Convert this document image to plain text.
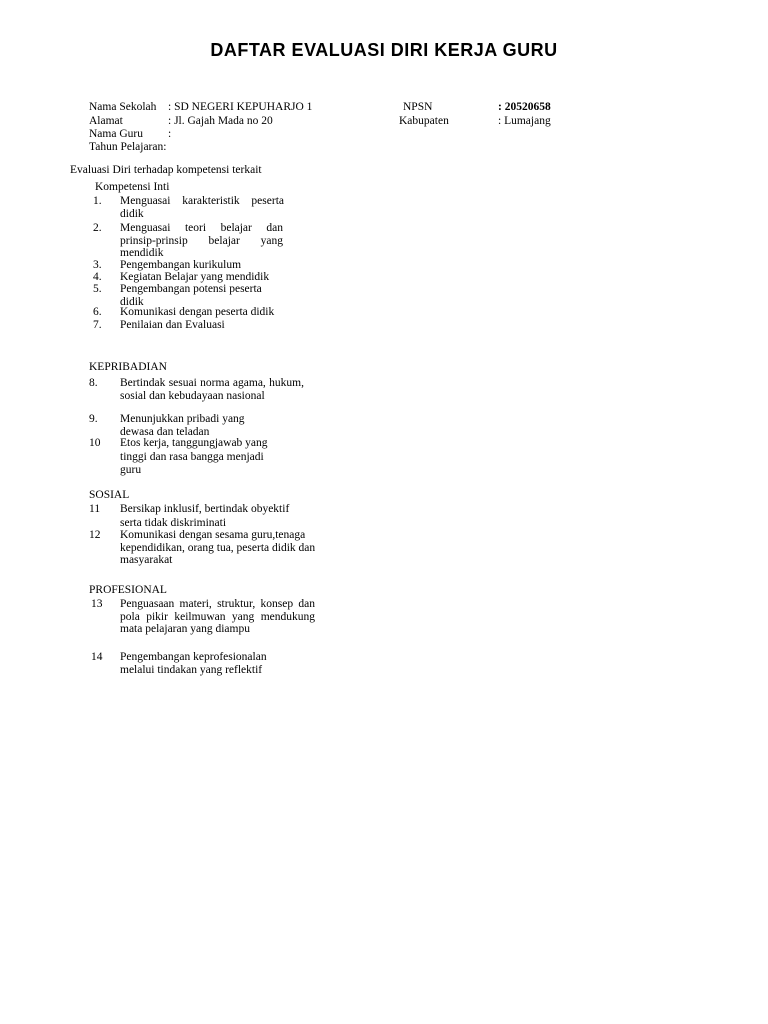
DAFTAR EVALUASI DIRI KERJA GURU
Nama Sekolah : SD NEGERI KEPUHARJO 1	NPSN	: 20520658
Alamat	: Jl. Gajah Mada no 20	Kabupaten	: Lumajang
Nama Guru :
Tahun Pelajaran:
Evaluasi Diri terhadap kompetensi terkait
Kompetensi Inti
1. Menguasai karakteristik peserta didik
2. Menguasai teori belajar dan prinsip-prinsip belajar yang mendidik
3. Pengembangan kurikulum
4. Kegiatan Belajar yang mendidik
5. Pengembangan potensi peserta didik
6. Komunikasi dengan peserta didik
7. Penilaian dan Evaluasi
KEPRIBADIAN
8. Bertindak sesuai norma agama, hukum, sosial dan kebudayaan nasional
9. Menunjukkan pribadi yang dewasa dan teladan
10 Etos kerja, tanggungjawab yang tinggi dan rasa bangga menjadi guru
SOSIAL
11 Bersikap inklusif, bertindak obyektif serta tidak diskriminati
12 Komunikasi dengan sesama guru,tenaga kependidikan, orang tua, peserta didik dan masyarakat
PROFESIONAL
13 Penguasaan materi, struktur, konsep dan pola pikir keilmuwan yang mendukung mata pelajaran yang diampu
14 Pengembangan keprofesionalan melalui tindakan yang reflektif
